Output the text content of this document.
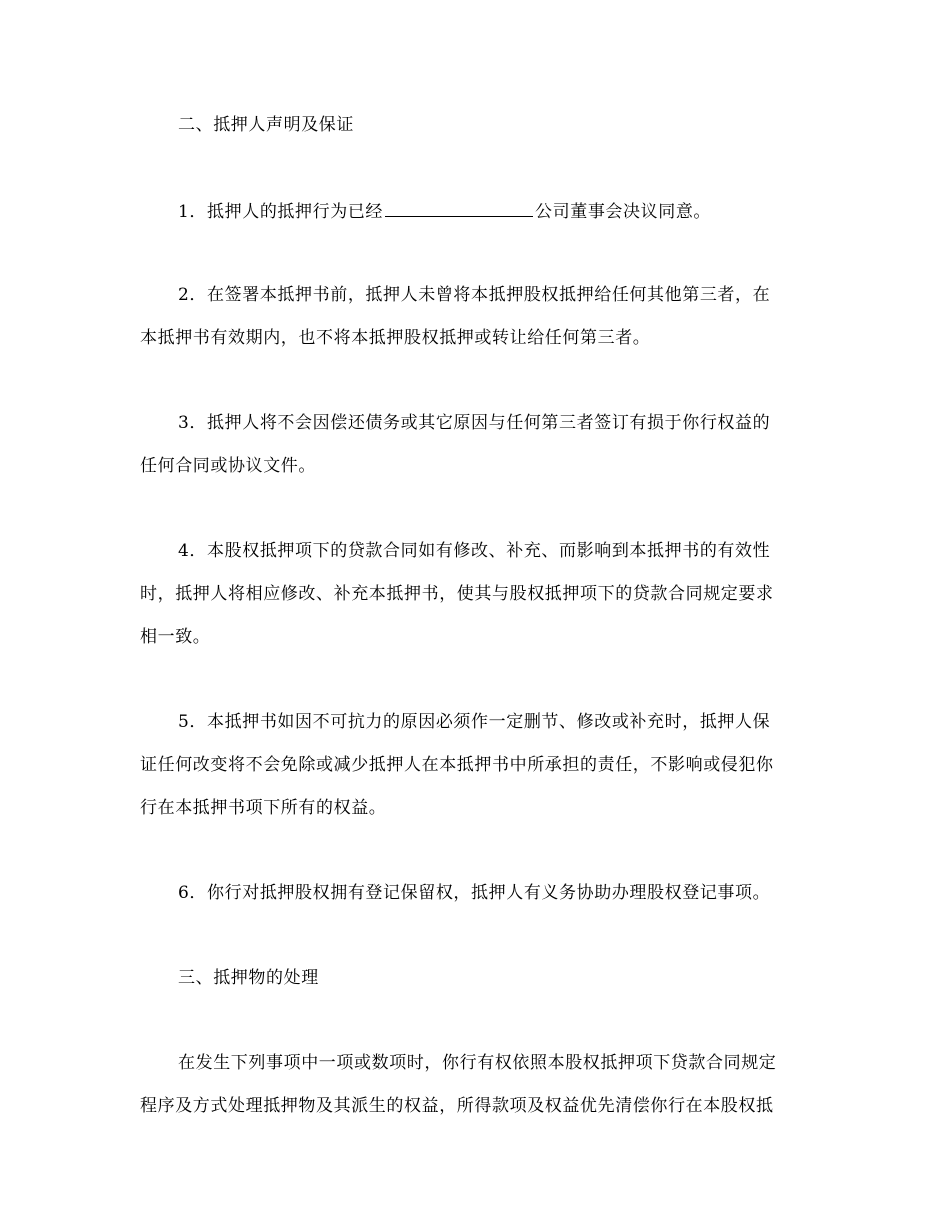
二、抵押人声明及保证
1．抵押人的抵押行为已经	公司董事会决议同意。
2．在签署本抵押书前，抵押人未曾将本抵押股权抵押给任何其他第三者，在
本抵押书有效期内，也不将本抵押股权抵押或转让给任何第三者。
3．抵押人将不会因偿还债务或其它原因与任何第三者签订有损于你行权益的
任何合同或协议文件。
4．本股权抵押项下的贷款合同如有修改、补充、而影响到本抵押书的有效性
时，抵押人将相应修改、补充本抵押书，使其与股权抵押项下的贷款合同规定要求
相一致。
5．本抵押书如因不可抗力的原因必须作一定删节、修改或补充时，抵押人保
证任何改变将不会免除或减少抵押人在本抵押书中所承担的责任，不影响或侵犯你
行在本抵押书项下所有的权益。
6．你行对抵押股权拥有登记保留权，抵押人有义务协助办理股权登记事项。
三、抵押物的处理
在发生下列事项中一项或数项时，你行有权依照本股权抵押项下贷款合同规定
程序及方式处理抵押物及其派生的权益，所得款项及权益优先清偿你行在本股权抵
